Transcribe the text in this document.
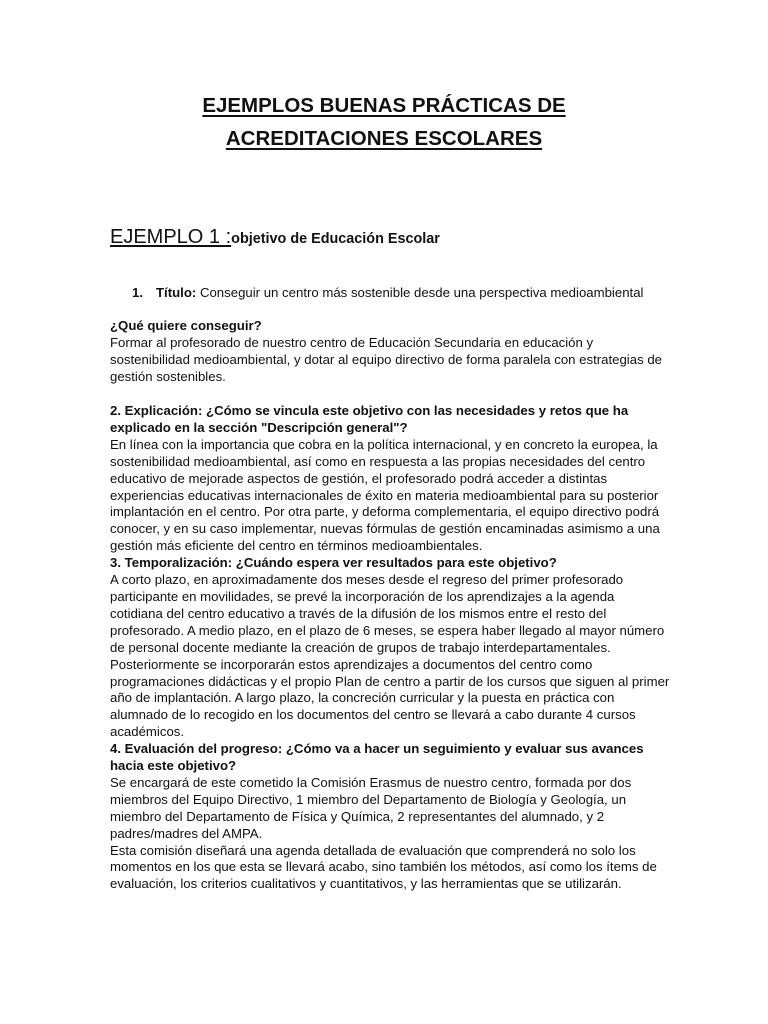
EJEMPLOS BUENAS PRÁCTICAS DE
ACREDITACIONES ESCOLARES
EJEMPLO 1 :objetivo de Educación Escolar

1. Título: Conseguir un centro más sostenible desde una perspectiva medioambiental

¿Qué quiere conseguir?

Formar al profesorado de nuestro centro de Educación Secundaria en educación y sostenibilidad medioambiental, y dotar al equipo directivo de forma paralela con estrategias de gestión sostenibles.

2. Explicación: ¿Cómo se vincula este objetivo con las necesidades y retos que ha explicado en la sección "Descripción general"?

En línea con la importancia que cobra en la política internacional, y en concreto la europea, la sostenibilidad medioambiental, así como en respuesta a las propias necesidades del centro educativo de mejorade aspectos de gestión, el profesorado podrá acceder a distintas experiencias educativas internacionales de éxito en materia medioambiental para su posterior implantación en el centro. Por otra parte, y deforma complementaria, el equipo directivo podrá conocer, y en su caso implementar, nuevas fórmulas de gestión encaminadas asimismo a una gestión más eficiente del centro en términos medioambientales.

3. Temporalización: ¿Cuándo espera ver resultados para este objetivo?

A corto plazo, en aproximadamente dos meses desde el regreso del primer profesorado participante en movilidades, se prevé la incorporación de los aprendizajes a la agenda cotidiana del centro educativo a través de la difusión de los mismos entre el resto del profesorado. A medio plazo, en el plazo de 6 meses, se espera haber llegado al mayor número de personal docente mediante la creación de grupos de trabajo interdepartamentales. Posteriormente se incorporarán estos aprendizajes a documentos del centro como programaciones didácticas y el propio Plan de centro a partir de los cursos que siguen al primer año de implantación. A largo plazo, la concreción curricular y la puesta en práctica con alumnado de lo recogido en los documentos del centro se llevará a cabo durante 4 cursos académicos.

4. Evaluación del progreso: ¿Cómo va a hacer un seguimiento y evaluar sus avances hacia este objetivo?

Se encargará de este cometido la Comisión Erasmus de nuestro centro, formada por dos miembros del Equipo Directivo, 1 miembro del Departamento de Biología y Geología, un miembro del Departamento de Física y Química, 2 representantes del alumnado, y 2 padres/madres del AMPA.

Esta comisión diseñará una agenda detallada de evaluación que comprenderá no solo los momentos en los que esta se llevará acabo, sino también los métodos, así como los ítems de evaluación, los criterios cualitativos y cuantitativos, y las herramientas que se utilizarán.
